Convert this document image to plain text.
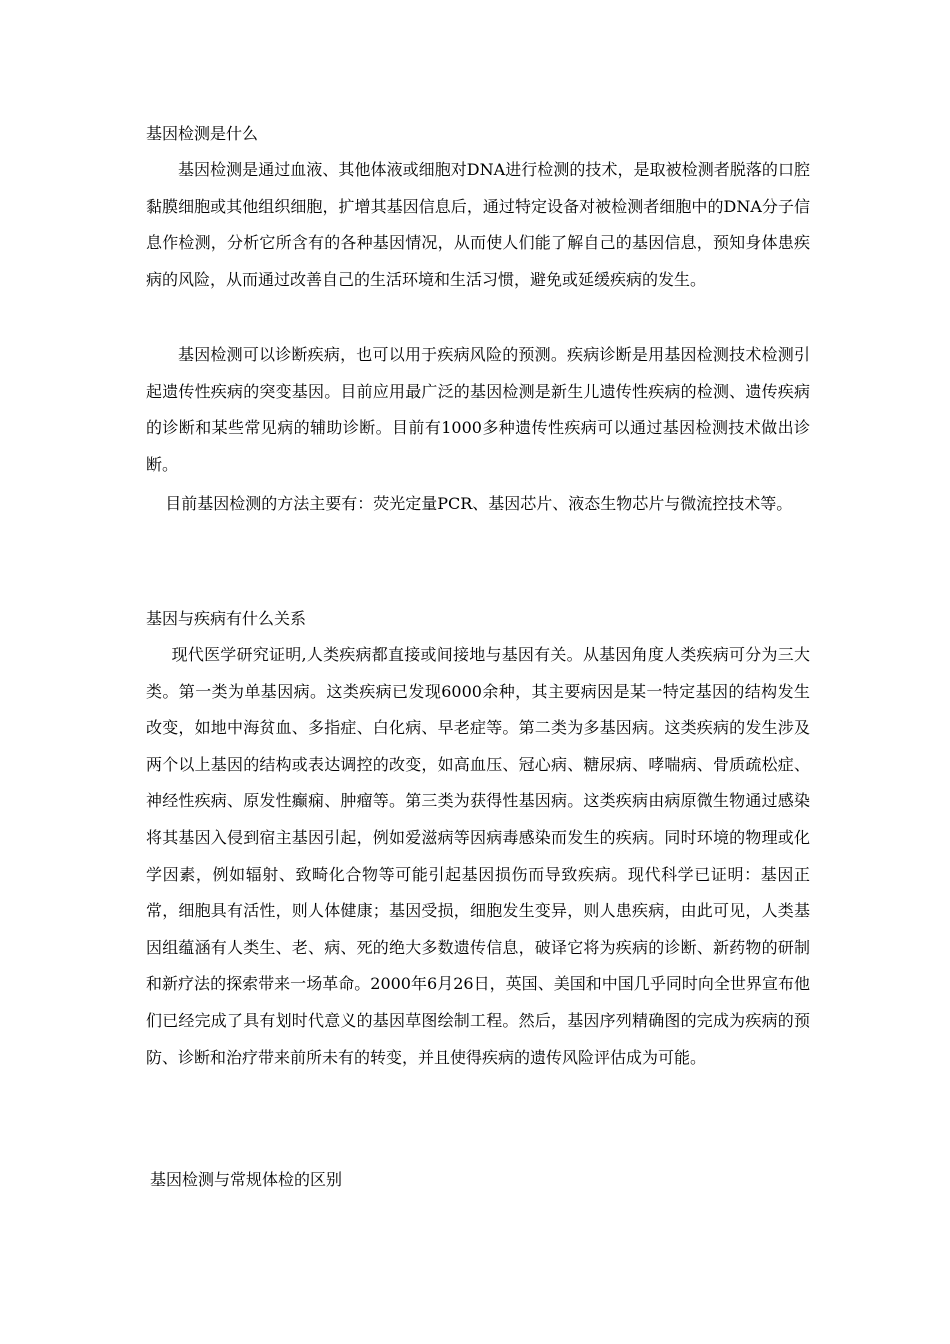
基因检测是什么

基因检测是通过血液、其他体液或细胞对DNA进行检测的技术，是取被检测者脱落的口腔黏膜细胞或其他组织细胞，扩增其基因信息后，通过特定设备对被检测者细胞中的DNA分子信息作检测，分析它所含有的各种基因情况，从而使人们能了解自己的基因信息，预知身体患疾病的风险，从而通过改善自己的生活环境和生活习惯，避免或延缓疾病的发生。

基因检测可以诊断疾病，也可以用于疾病风险的预测。疾病诊断是用基因检测技术检测引起遗传性疾病的突变基因。目前应用最广泛的基因检测是新生儿遗传性疾病的检测、遗传疾病的诊断和某些常见病的辅助诊断。目前有1000多种遗传性疾病可以通过基因检测技术做出诊断。

目前基因检测的方法主要有：荧光定量PCR、基因芯片、液态生物芯片与微流控技术等。

基因与疾病有什么关系

现代医学研究证明,人类疾病都直接或间接地与基因有关。从基因角度人类疾病可分为三大类。第一类为单基因病。这类疾病已发现6000余种，其主要病因是某一特定基因的结构发生改变，如地中海贫血、多指症、白化病、早老症等。第二类为多基因病。这类疾病的发生涉及两个以上基因的结构或表达调控的改变，如高血压、冠心病、糖尿病、哮喘病、骨质疏松症、神经性疾病、原发性癫痫、肿瘤等。第三类为获得性基因病。这类疾病由病原微生物通过感染将其基因入侵到宿主基因引起，例如爱滋病等因病毒感染而发生的疾病。同时环境的物理或化学因素，例如辐射、致畸化合物等可能引起基因损伤而导致疾病。现代科学已证明：基因正常，细胞具有活性，则人体健康；基因受损，细胞发生变异，则人患疾病，由此可见，人类基因组蕴涵有人类生、老、病、死的绝大多数遗传信息，破译它将为疾病的诊断、新药物的研制和新疗法的探索带来一场革命。2000年6月26日，英国、美国和中国几乎同时向全世界宣布他们已经完成了具有划时代意义的基因草图绘制工程。然后，基因序列精确图的完成为疾病的预防、诊断和治疗带来前所未有的转变，并且使得疾病的遗传风险评估成为可能。

基因检测与常规体检的区别
